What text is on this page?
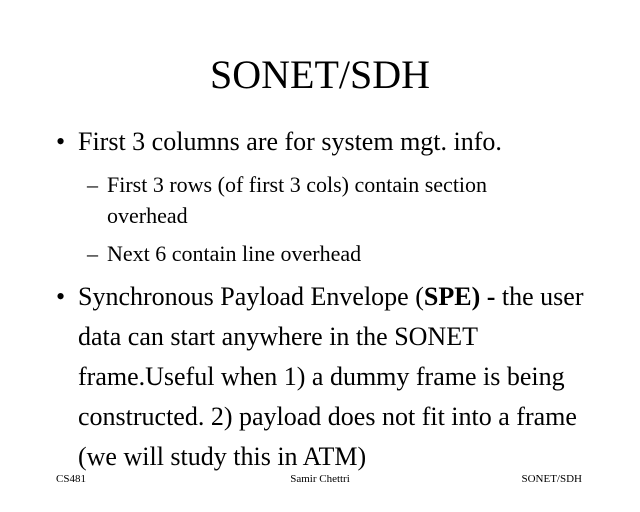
SONET/SDH
• First 3 columns are for system mgt. info.
– First 3 rows (of first 3 cols) contain section overhead
– Next 6 contain line overhead
• Synchronous Payload Envelope (SPE) - the user data can start anywhere in the SONET frame.Useful when 1) a dummy frame is being constructed. 2) payload does not fit into a frame (we will study this in ATM)
CS481	Samir Chettri	SONET/SDH
